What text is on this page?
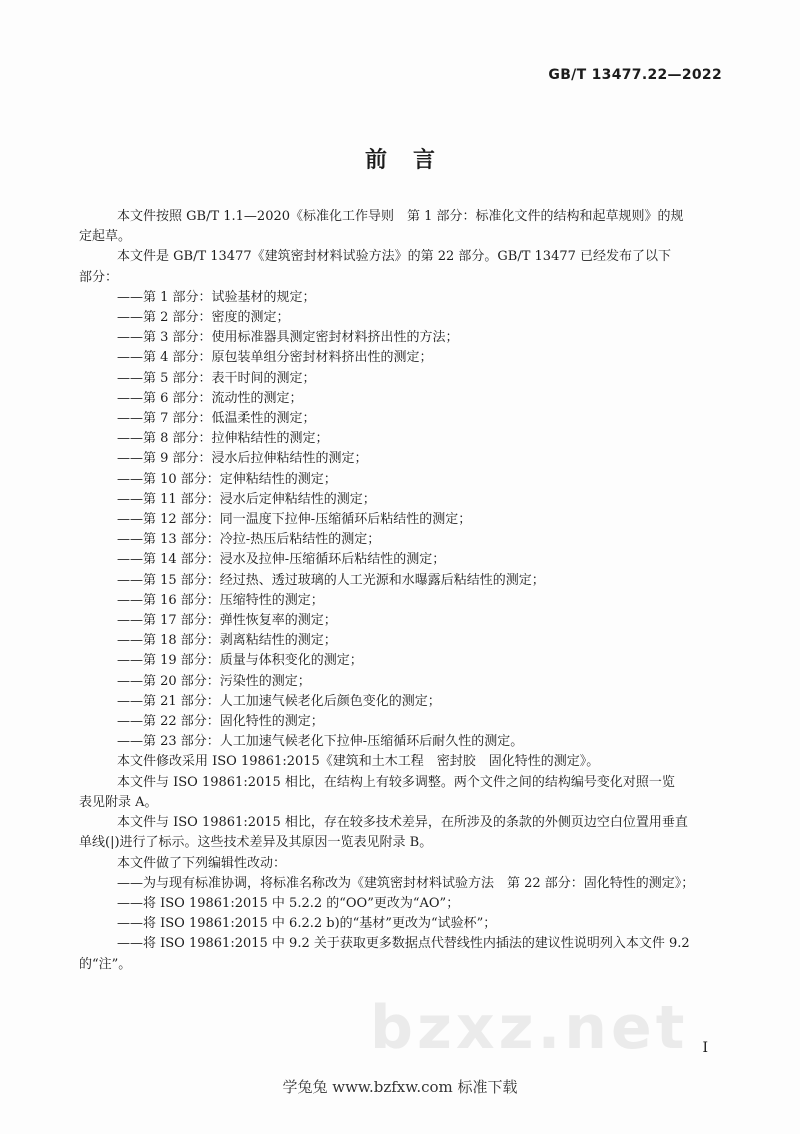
GB/T 13477.22—2022
前言

本文件按照 GB/T 1.1—2020《标准化工作导则　第 1 部分：标准化文件的结构和起草规则》的规

定起草。

本文件是 GB/T 13477《建筑密封材料试验方法》的第 22 部分。GB/T 13477 已经发布了以下

部分：

——第 1 部分：试验基材的规定；

——第 2 部分：密度的测定；

——第 3 部分：使用标准器具测定密封材料挤出性的方法；

——第 4 部分：原包装单组分密封材料挤出性的测定；

——第 5 部分：表干时间的测定；

——第 6 部分：流动性的测定；

——第 7 部分：低温柔性的测定；

——第 8 部分：拉伸粘结性的测定；

——第 9 部分：浸水后拉伸粘结性的测定；

——第 10 部分：定伸粘结性的测定；

——第 11 部分：浸水后定伸粘结性的测定；

——第 12 部分：同一温度下拉伸-压缩循环后粘结性的测定；

——第 13 部分：冷拉-热压后粘结性的测定；

——第 14 部分：浸水及拉伸-压缩循环后粘结性的测定；

——第 15 部分：经过热、透过玻璃的人工光源和水曝露后粘结性的测定；

——第 16 部分：压缩特性的测定；

——第 17 部分：弹性恢复率的测定；

——第 18 部分：剥离粘结性的测定；

——第 19 部分：质量与体积变化的测定；

——第 20 部分：污染性的测定；

——第 21 部分：人工加速气候老化后颜色变化的测定；

——第 22 部分：固化特性的测定；

——第 23 部分：人工加速气候老化下拉伸-压缩循环后耐久性的测定。

本文件修改采用 ISO 19861:2015《建筑和土木工程　密封胶　固化特性的测定》。

本文件与 ISO 19861:2015 相比，在结构上有较多调整。两个文件之间的结构编号变化对照一览

表见附录 A。

本文件与 ISO 19861:2015 相比，存在较多技术差异，在所涉及的条款的外侧页边空白位置用垂直

单线(|)进行了标示。这些技术差异及其原因一览表见附录 B。

本文件做了下列编辑性改动：

——为与现有标准协调，将标准名称改为《建筑密封材料试验方法　第 22 部分：固化特性的测定》；

——将 ISO 19861:2015 中 5.2.2 的“OO”更改为“AO”；

——将 ISO 19861:2015 中 6.2.2 b)的“基材”更改为“试验杯”；

——将 ISO 19861:2015 中 9.2 关于获取更多数据点代替线性内插法的建议性说明列入本文件 9.2

的“注”。

bzxz.net I
学兔兔 www.bzfxw.com 标准下载
